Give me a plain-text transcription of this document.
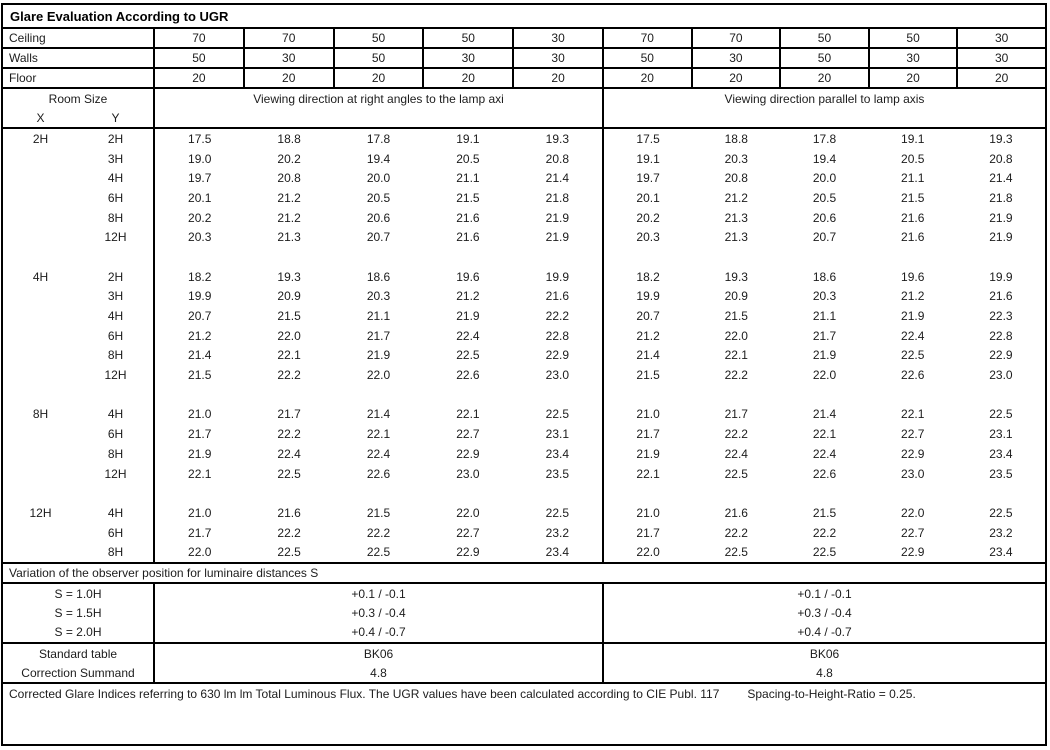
Glare Evaluation According to UGR
Ceiling	70	70	50	50	30	70	70	50	50	30
Walls	50	30	50	30	30	50	30	50	30	30
Floor	20	20	20	20	20	20	20	20	20	20
Room Size
X	Y
Viewing direction at right angles to the lamp axi	Viewing direction parallel to lamp axis
2H	2H	17.5	18.8	17.8	19.1	19.3	17.5	18.8	17.8	19.1	19.3
3H	19.0	20.2	19.4	20.5	20.8	19.1	20.3	19.4	20.5	20.8
4H	19.7	20.8	20.0	21.1	21.4	19.7	20.8	20.0	21.1	21.4
6H	20.1	21.2	20.5	21.5	21.8	20.1	21.2	20.5	21.5	21.8
8H	20.2	21.2	20.6	21.6	21.9	20.2	21.3	20.6	21.6	21.9
12H	20.3	21.3	20.7	21.6	21.9	20.3	21.3	20.7	21.6	21.9
4H	2H	18.2	19.3	18.6	19.6	19.9	18.2	19.3	18.6	19.6	19.9
3H	19.9	20.9	20.3	21.2	21.6	19.9	20.9	20.3	21.2	21.6
4H	20.7	21.5	21.1	21.9	22.2	20.7	21.5	21.1	21.9	22.3
6H	21.2	22.0	21.7	22.4	22.8	21.2	22.0	21.7	22.4	22.8
8H	21.4	22.1	21.9	22.5	22.9	21.4	22.1	21.9	22.5	22.9
12H	21.5	22.2	22.0	22.6	23.0	21.5	22.2	22.0	22.6	23.0
8H	4H	21.0	21.7	21.4	22.1	22.5	21.0	21.7	21.4	22.1	22.5
6H	21.7	22.2	22.1	22.7	23.1	21.7	22.2	22.1	22.7	23.1
8H	21.9	22.4	22.4	22.9	23.4	21.9	22.4	22.4	22.9	23.4
12H	22.1	22.5	22.6	23.0	23.5	22.1	22.5	22.6	23.0	23.5
12H	4H	21.0	21.6	21.5	22.0	22.5	21.0	21.6	21.5	22.0	22.5
6H	21.7	22.2	22.2	22.7	23.2	21.7	22.2	22.2	22.7	23.2
8H	22.0	22.5	22.5	22.9	23.4	22.0	22.5	22.5	22.9	23.4
Variation of the observer position for luminaire distances S
S = 1.0H	+0.1 / -0.1	+0.1 / -0.1
S = 1.5H	+0.3 / -0.4	+0.3 / -0.4
S = 2.0H	+0.4 / -0.7	+0.4 / -0.7
Standard table	BK06	BK06
Correction Summand	4.8	4.8
Corrected Glare Indices referring to 630 lm lm Total Luminous Flux. The UGR values have been calculated according to CIE Publ. 117 Spacing-to-Height-Ratio = 0.25.
